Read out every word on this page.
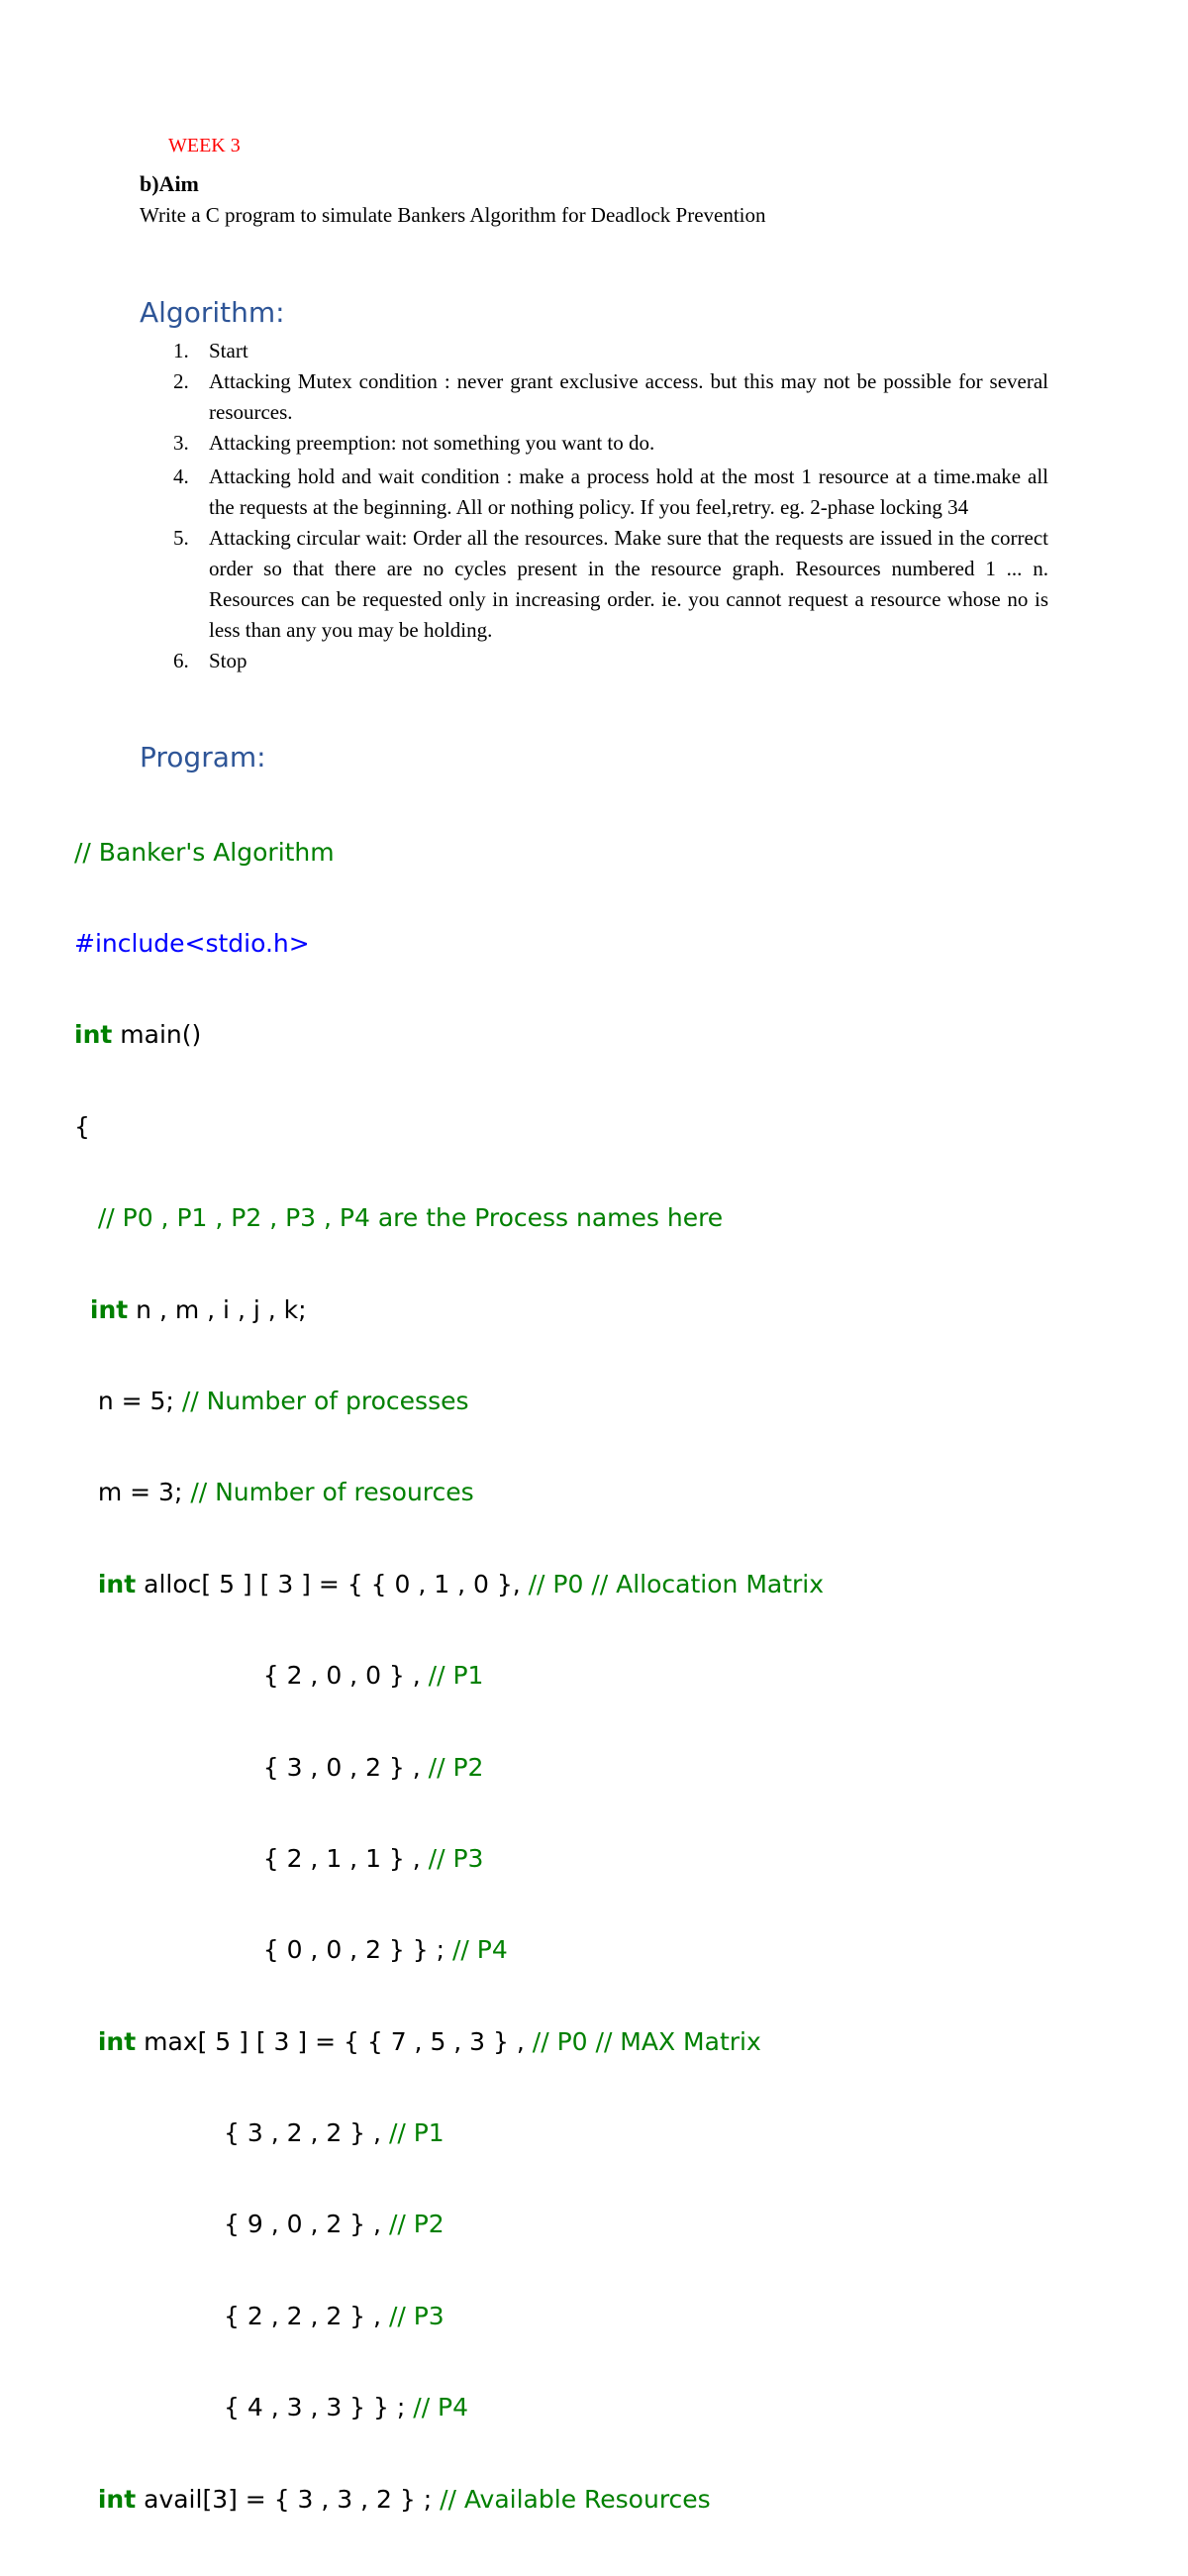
WEEK 3
b)Aim
Write a C program to simulate Bankers Algorithm for Deadlock Prevention
Algorithm:
1. Start
2. Attacking Mutex condition : never grant exclusive access. but this may not be possible for several resources.
3. Attacking preemption: not something you want to do.
4. Attacking hold and wait condition : make a process hold at the most 1 resource at a time.make all the requests at the beginning. All or nothing policy. If you feel,retry. eg. 2-phase locking 34
5. Attacking circular wait: Order all the resources. Make sure that the requests are issued in the correct order so that there are no cycles present in the resource graph. Resources numbered 1 ... n. Resources can be requested only in increasing order. ie. you cannot request a resource whose no is less than any you may be holding.
6. Stop
Program:

// Banker's Algorithm

#include<stdio.h>

int main()

{

// P0 , P1 , P2 , P3 , P4 are the Process names here

int n , m , i , j , k;

n = 5; // Number of processes

m = 3; // Number of resources

int alloc[ 5 ] [ 3 ] = { { 0 , 1 , 0 }, // P0 // Allocation Matrix

{ 2 , 0 , 0 } , // P1

{ 3 , 0 , 2 } , // P2

{ 2 , 1 , 1 } , // P3

{ 0 , 0 , 2 } } ; // P4

int max[ 5 ] [ 3 ] = { { 7 , 5 , 3 } , // P0 // MAX Matrix

{ 3 , 2 , 2 } , // P1

{ 9 , 0 , 2 } , // P2

{ 2 , 2 , 2 } , // P3

{ 4 , 3 , 3 } } ; // P4

int avail[3] = { 3 , 3 , 2 } ; // Available Resources
